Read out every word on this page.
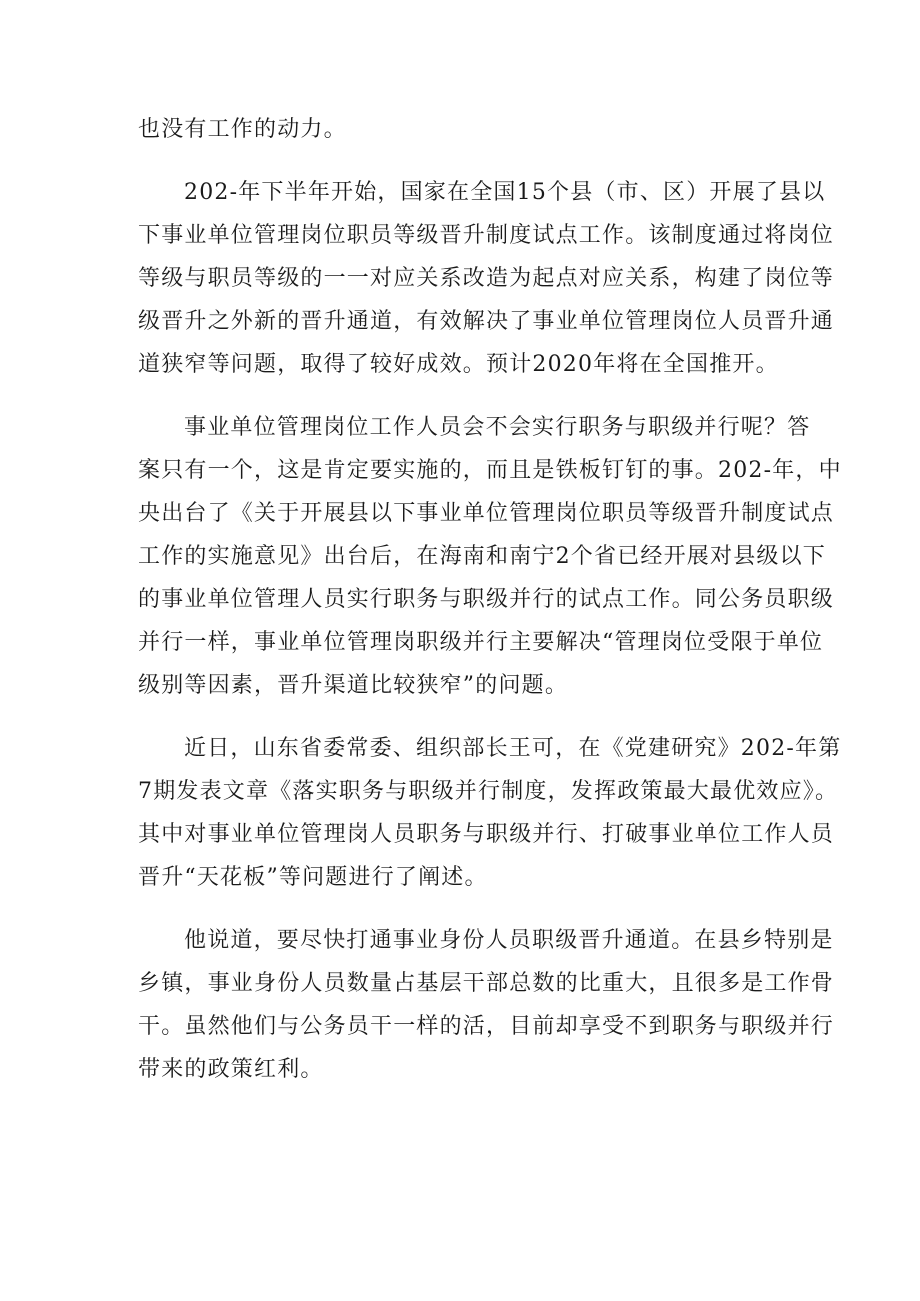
也没有工作的动力。
202-年下半年开始，国家在全国15个县（市、区）开展了县以
下事业单位管理岗位职员等级晋升制度试点工作。该制度通过将岗位
等级与职员等级的一一对应关系改造为起点对应关系，构建了岗位等
级晋升之外新的晋升通道，有效解决了事业单位管理岗位人员晋升通
道狭窄等问题，取得了较好成效。预计2020年将在全国推开。
事业单位管理岗位工作人员会不会实行职务与职级并行呢？答
案只有一个，这是肯定要实施的，而且是铁板钉钉的事。202-年，中
央出台了《关于开展县以下事业单位管理岗位职员等级晋升制度试点
工作的实施意见》出台后，在海南和南宁2个省已经开展对县级以下
的事业单位管理人员实行职务与职级并行的试点工作。同公务员职级
并行一样，事业单位管理岗职级并行主要解决“管理岗位受限于单位
级别等因素，晋升渠道比较狭窄”的问题。
近日，山东省委常委、组织部长王可，在《党建研究》202-年第
7期发表文章《落实职务与职级并行制度，发挥政策最大最优效应》。
其中对事业单位管理岗人员职务与职级并行、打破事业单位工作人员
晋升“天花板”等问题进行了阐述。
他说道，要尽快打通事业身份人员职级晋升通道。在县乡特别是
乡镇，事业身份人员数量占基层干部总数的比重大，且很多是工作骨
干。虽然他们与公务员干一样的活，目前却享受不到职务与职级并行
带来的政策红利。
